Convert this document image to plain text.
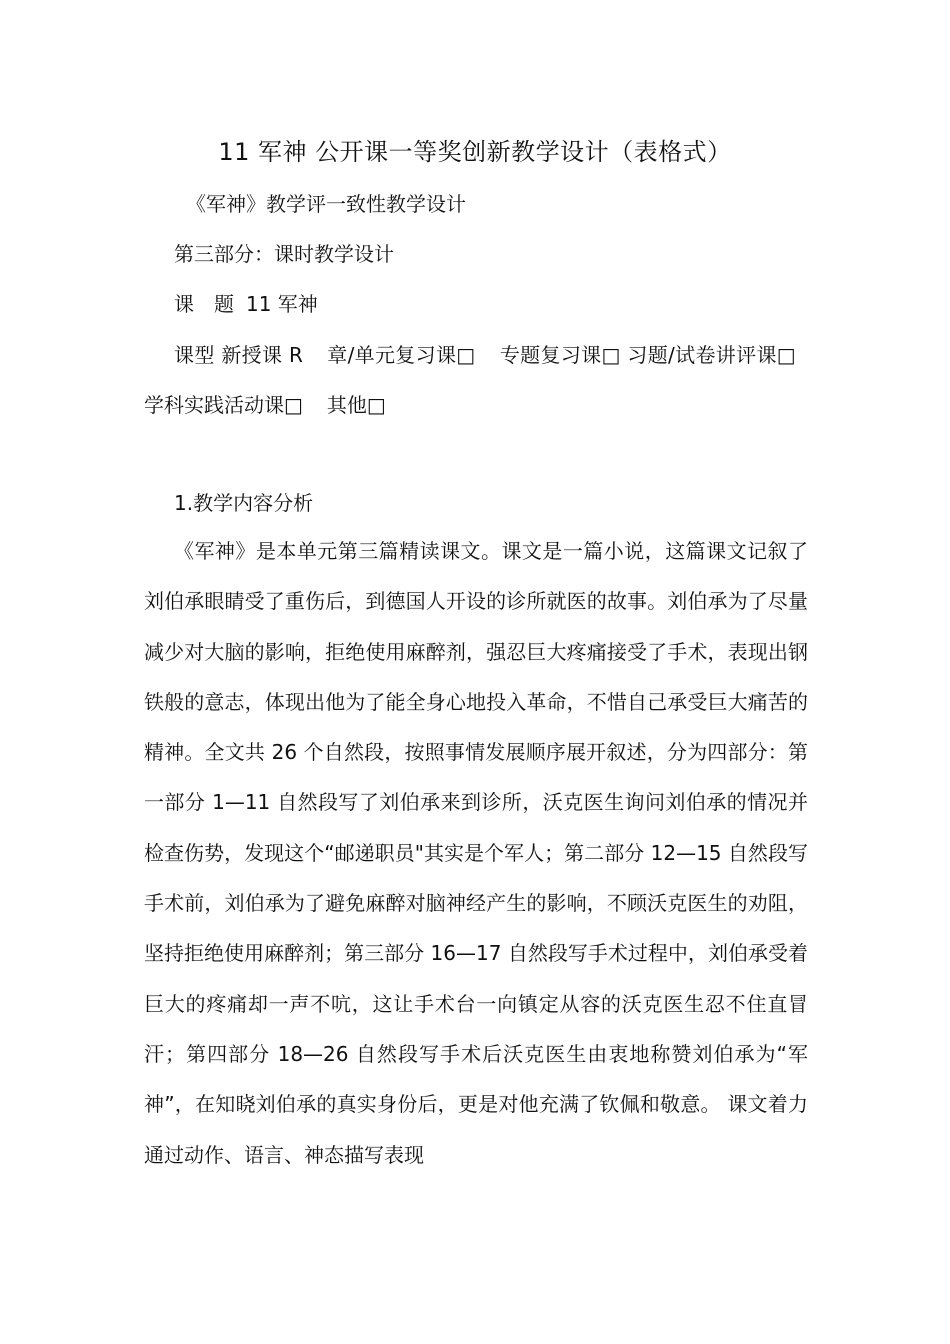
11 军神 公开课一等奖创新教学设计（表格式）
《军神》教学评一致性教学设计
第三部分：课时教学设计
课　题 11 军神

课型 新授课 R 章/单元复习课□ 专题复习课□ 习题/试卷讲评课□学科实践活动课□ 其他□

1.教学内容分析

《军神》是本单元第三篇精读课文。课文是一篇小说，这篇课文记叙了刘伯承眼睛受了重伤后，到德国人开设的诊所就医的故事。刘伯承为了尽量减少对大脑的影响，拒绝使用麻醉剂，强忍巨大疼痛接受了手术，表现出钢铁般的意志，体现出他为了能全身心地投入革命，不惜自己承受巨大痛苦的精神。全文共 26 个自然段，按照事情发展顺序展开叙述，分为四部分：第一部分 1—11 自然段写了刘伯承来到诊所，沃克医生询问刘伯承的情况并检查伤势，发现这个“邮递职员"其实是个军人；第二部分 12—15 自然段写手术前，刘伯承为了避免麻醉对脑神经产生的影响，不顾沃克医生的劝阻，坚持拒绝使用麻醉剂；第三部分 16—17 自然段写手术过程中，刘伯承受着巨大的疼痛却一声不吭，这让手术台一向镇定从容的沃克医生忍不住直冒汗；第四部分 18—26 自然段写手术后沃克医生由衷地称赞刘伯承为“军神”，在知晓刘伯承的真实身份后，更是对他充满了钦佩和敬意。 课文着力通过动作、语言、神态描写表现
